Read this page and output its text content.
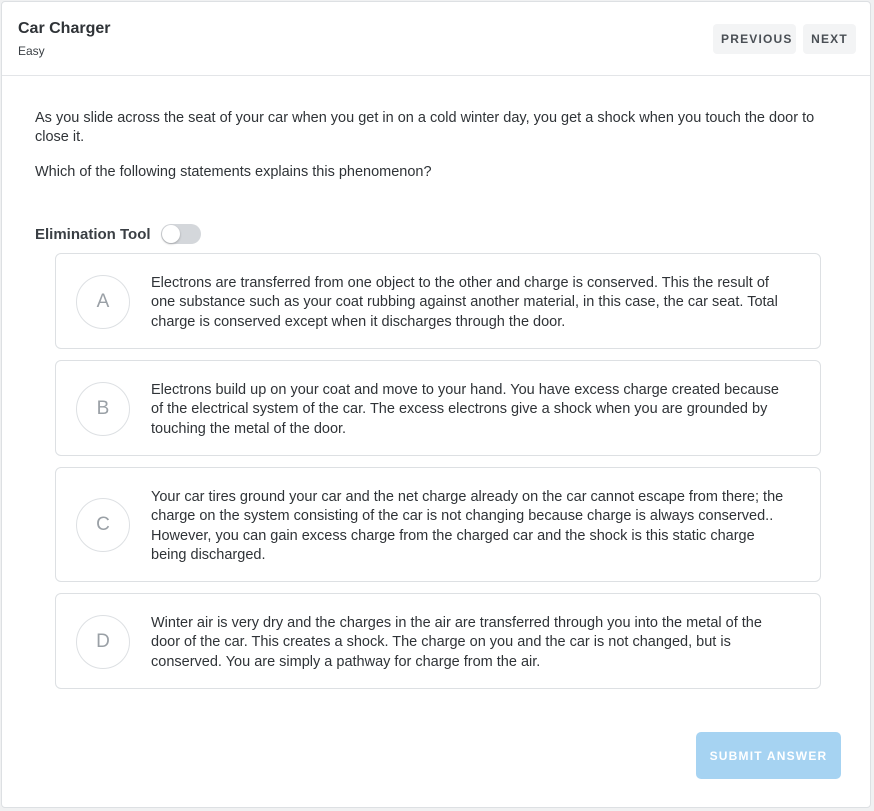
Car Charger
Easy
PREVIOUS	NEXT

As you slide across the seat of your car when you get in on a cold winter day, you get a shock when you touch the door to close it.

Which of the following statements explains this phenomenon?

Elimination Tool
A
Electrons are transferred from one object to the other and charge is conserved. This the result of one substance such as your coat rubbing against another material, in this case, the car seat. Total charge is conserved except when it discharges through the door.
B
Electrons build up on your coat and move to your hand. You have excess charge created because of the electrical system of the car. The excess electrons give a shock when you are grounded by touching the metal of the door.
C
Your car tires ground your car and the net charge already on the car cannot escape from there; the charge on the system consisting of the car is not changing because charge is always conserved.. However, you can gain excess charge from the charged car and the shock is this static charge being discharged.
D
Winter air is very dry and the charges in the air are transferred through you into the metal of the door of the car. This creates a shock. The charge on you and the car is not changed, but is conserved. You are simply a pathway for charge from the air.
SUBMIT ANSWER
